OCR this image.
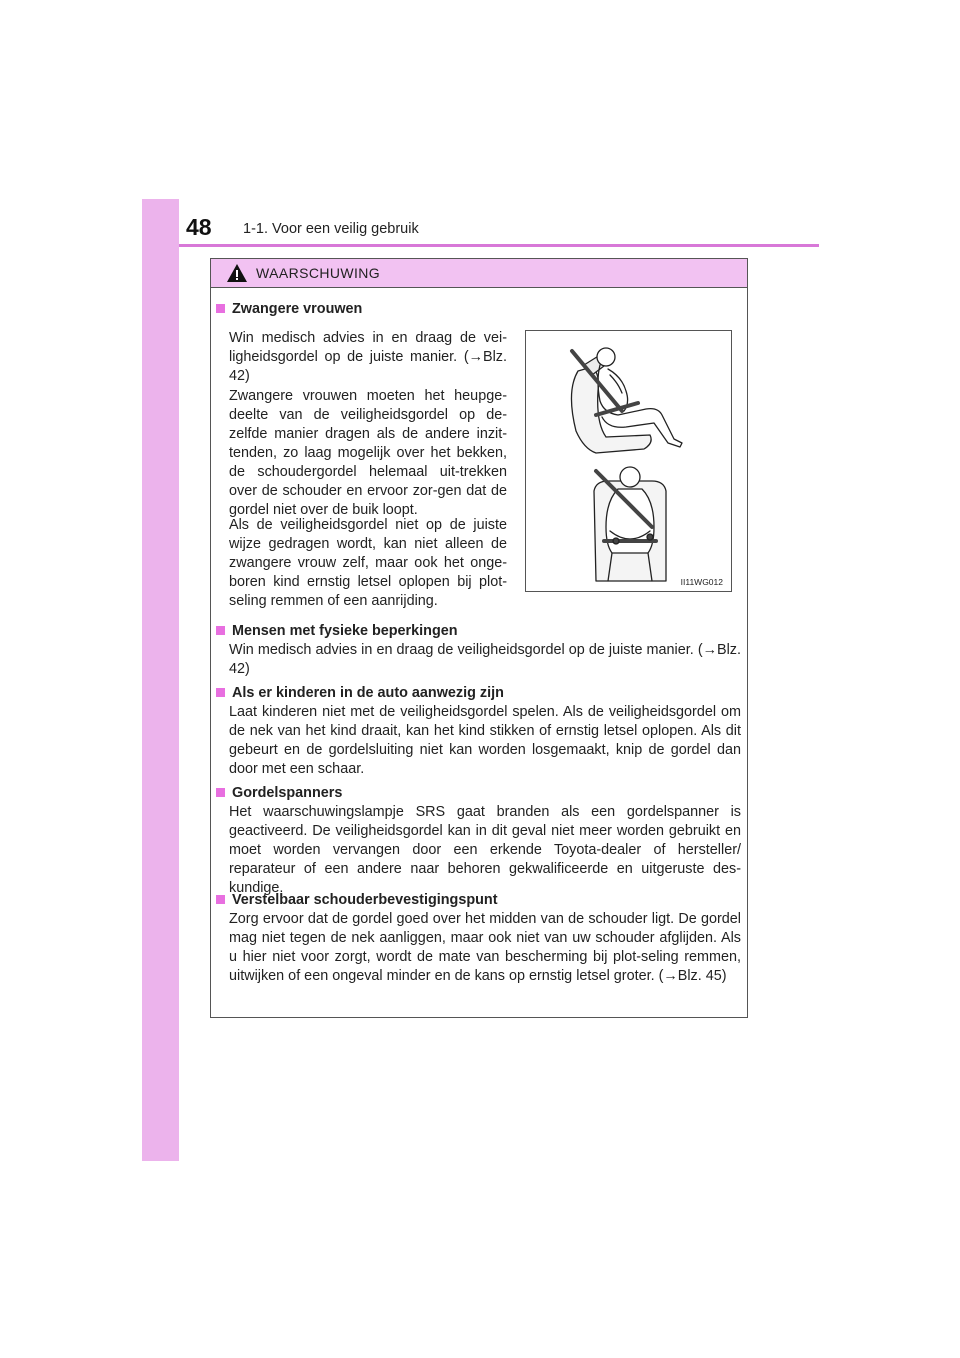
48 1-1. Voor een veilig gebruik
WAARSCHUWING
Zwangere vrouwen
Win medisch advies in en draag de vei-ligheidsgordel op de juiste manier. (→Blz. 42)
Zwangere vrouwen moeten het heupge-deelte van de veiligheidsgordel op de-zelfde manier dragen als de andere inzit-tenden, zo laag mogelijk over het bekken, de schoudergordel helemaal uit-trekken over de schouder en ervoor zor-gen dat de gordel niet over de buik loopt.
Als de veiligheidsgordel niet op de juiste wijze gedragen wordt, kan niet alleen de zwangere vrouw zelf, maar ook het onge-boren kind ernstig letsel oplopen bij plot-seling remmen of een aanrijding.
II11WG012
Mensen met fysieke beperkingen
Win medisch advies in en draag de veiligheidsgordel op de juiste manier. (→Blz. 42)
Als er kinderen in de auto aanwezig zijn
Laat kinderen niet met de veiligheidsgordel spelen. Als de veiligheidsgordel om de nek van het kind draait, kan het kind stikken of ernstig letsel oplopen. Als dit gebeurt en de gordelsluiting niet kan worden losgemaakt, knip de gordel dan door met een schaar.
Gordelspanners
Het waarschuwingslampje SRS gaat branden als een gordelspanner is geactiveerd. De veiligheidsgordel kan in dit geval niet meer worden gebruikt en moet worden vervangen door een erkende Toyota-dealer of hersteller/ reparateur of een andere naar behoren gekwalificeerde en uitgeruste des-kundige.
Verstelbaar schouderbevestigingspunt
Zorg ervoor dat de gordel goed over het midden van de schouder ligt. De gordel mag niet tegen de nek aanliggen, maar ook niet van uw schouder afglijden. Als u hier niet voor zorgt, wordt de mate van bescherming bij plot-seling remmen, uitwijken of een ongeval minder en de kans op ernstig letsel groter. (→Blz. 45)
